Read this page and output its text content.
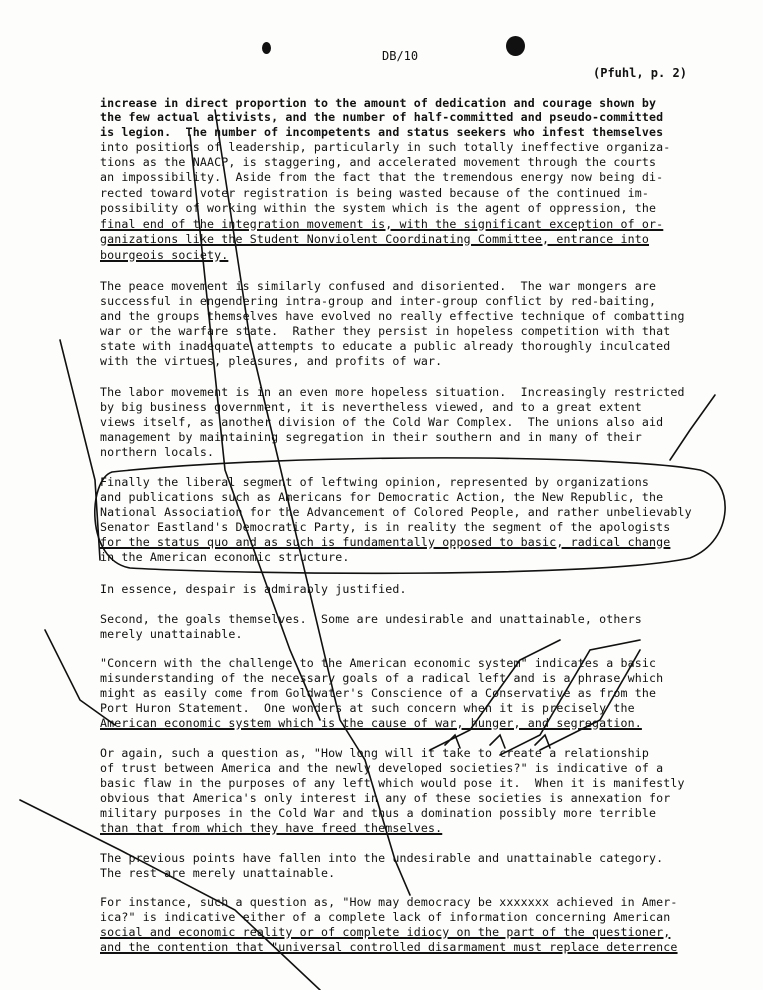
DB/10
(Pfuhl, p. 2)
increase in direct proportion to the amount of dedication and courage shown by
the few actual activists, and the number of half-committed and pseudo-committed
is legion.  The number of incompetents and status seekers who infest themselves
into positions of leadership, particularly in such totally ineffective organiza-
tions as the NAACP, is staggering, and accelerated movement through the courts
an impossibility.  Aside from the fact that the tremendous energy now being di-
rected toward voter registration is being wasted because of the continued im-
possibility of working within the system which is the agent of oppression, the
final end of the integration movement is, with the significant exception of or-
ganizations like the Student Nonviolent Coordinating Committee, entrance into
bourgeois society.
The peace movement is similarly confused and disoriented.  The war mongers are
successful in engendering intra-group and inter-group conflict by red-baiting,
and the groups themselves have evolved no really effective technique of combatting
war or the warfare state.  Rather they persist in hopeless competition with that
state with inadequate attempts to educate a public already thoroughly inculcated
with the virtues, pleasures, and profits of war.
The labor movement is in an even more hopeless situation.  Increasingly restricted
by big business government, it is nevertheless viewed, and to a great extent
views itself, as another division of the Cold War Complex.  The unions also aid
management by maintaining segregation in their southern and in many of their
northern locals.
Finally the liberal segment of leftwing opinion, represented by organizations
and publications such as Americans for Democratic Action, the New Republic, the
National Association for the Advancement of Colored People, and rather unbelievably
Senator Eastland's Democratic Party, is in reality the segment of the apologists
for the status quo and as such is fundamentally opposed to basic, radical change
in the American economic structure.
In essence, despair is admirably justified.
Second, the goals themselves.  Some are undesirable and unattainable, others
merely unattainable.
"Concern with the challenge to the American economic system" indicates a basic
misunderstanding of the necessary goals of a radical left and is a phrase which
might as easily come from Goldwater's Conscience of a Conservative as from the
Port Huron Statement.  One wonders at such concern when it is precisely the
American economic system which is the cause of war, hunger, and segregation.
Or again, such a question as, "How long will it take to create a relationship
of trust between America and the newly developed societies?" is indicative of a
basic flaw in the purposes of any left which would pose it.  When it is manifestly
obvious that America's only interest in any of these societies is annexation for
military purposes in the Cold War and thus a domination possibly more terrible
than that from which they have freed themselves.
The previous points have fallen into the undesirable and unattainable category.
The rest are merely unattainable.
For instance, such a question as, "How may democracy be xxxxxxx achieved in Amer-
ica?" is indicative either of a complete lack of information concerning American
social and economic reality or of complete idiocy on the part of the questioner,
and the contention that "universal controlled disarmament must replace deterrence
